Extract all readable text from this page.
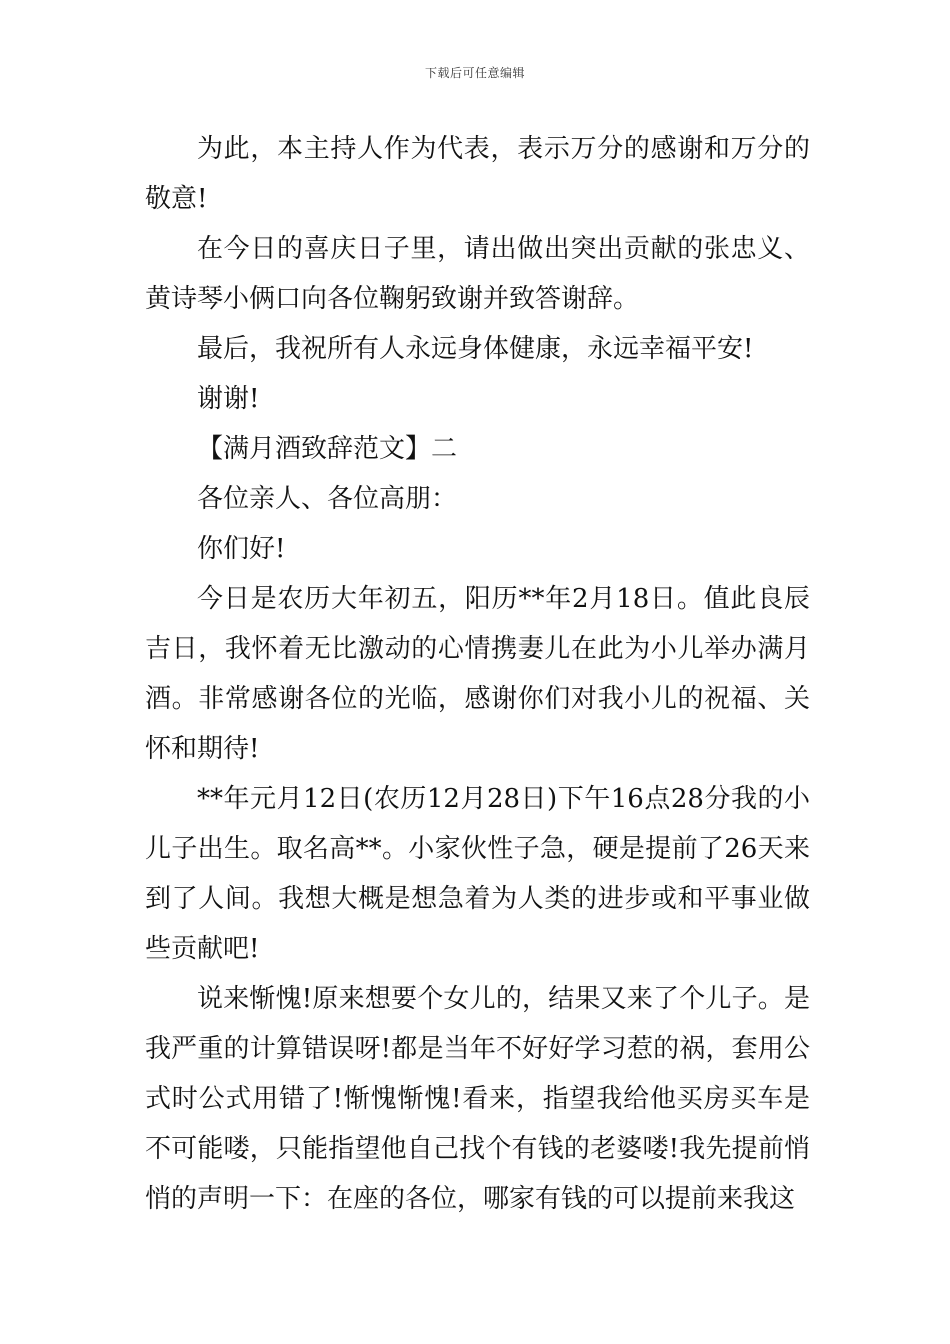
下载后可任意编辑

为此，本主持人作为代表，表示万分的感谢和万分的敬意!

在今日的喜庆日子里，请出做出突出贡献的张忠义、黄诗琴小俩口向各位鞠躬致谢并致答谢辞。

最后，我祝所有人永远身体健康，永远幸福平安!

谢谢!

【满月酒致辞范文】二

各位亲人、各位高朋：

你们好!

今日是农历大年初五，阳历**年2月18日。值此良辰吉日，我怀着无比激动的心情携妻儿在此为小儿举办满月酒。非常感谢各位的光临，感谢你们对我小儿的祝福、关怀和期待!

**年元月12日(农历12月28日)下午16点28分我的小儿子出生。取名高**。小家伙性子急，硬是提前了26天来到了人间。我想大概是想急着为人类的进步或和平事业做些贡献吧!

说来惭愧!原来想要个女儿的，结果又来了个儿子。是我严重的计算错误呀!都是当年不好好学习惹的祸，套用公式时公式用错了!惭愧惭愧!看来，指望我给他买房买车是不可能喽，只能指望他自己找个有钱的老婆喽!我先提前悄悄的声明一下：在座的各位，哪家有钱的可以提前来我这
